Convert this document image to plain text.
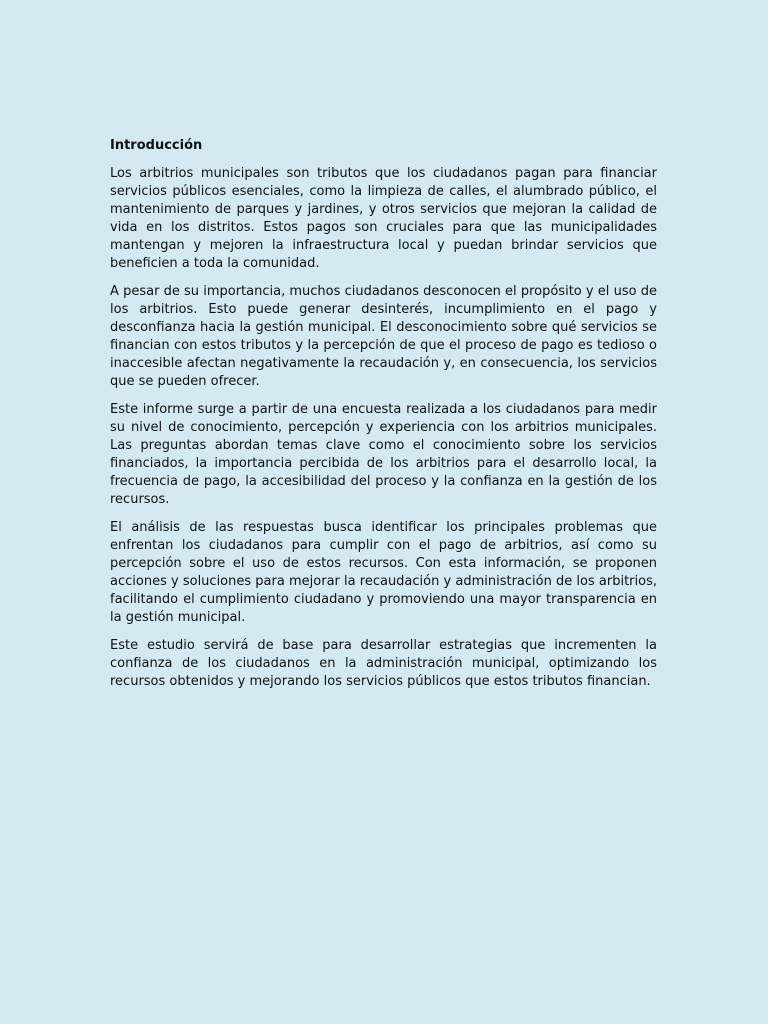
Introducción

Los arbitrios municipales son tributos que los ciudadanos pagan para financiar servicios públicos esenciales, como la limpieza de calles, el alumbrado público, el mantenimiento de parques y jardines, y otros servicios que mejoran la calidad de vida en los distritos. Estos pagos son cruciales para que las municipalidades mantengan y mejoren la infraestructura local y puedan brindar servicios que beneficien a toda la comunidad.

A pesar de su importancia, muchos ciudadanos desconocen el propósito y el uso de los arbitrios. Esto puede generar desinterés, incumplimiento en el pago y desconfianza hacia la gestión municipal. El desconocimiento sobre qué servicios se financian con estos tributos y la percepción de que el proceso de pago es tedioso o inaccesible afectan negativamente la recaudación y, en consecuencia, los servicios que se pueden ofrecer.

Este informe surge a partir de una encuesta realizada a los ciudadanos para medir su nivel de conocimiento, percepción y experiencia con los arbitrios municipales. Las preguntas abordan temas clave como el conocimiento sobre los servicios financiados, la importancia percibida de los arbitrios para el desarrollo local, la frecuencia de pago, la accesibilidad del proceso y la confianza en la gestión de los recursos.

El análisis de las respuestas busca identificar los principales problemas que enfrentan los ciudadanos para cumplir con el pago de arbitrios, así como su percepción sobre el uso de estos recursos. Con esta información, se proponen acciones y soluciones para mejorar la recaudación y administración de los arbitrios, facilitando el cumplimiento ciudadano y promoviendo una mayor transparencia en la gestión municipal.

Este estudio servirá de base para desarrollar estrategias que incrementen la confianza de los ciudadanos en la administración municipal, optimizando los recursos obtenidos y mejorando los servicios públicos que estos tributos financian.
